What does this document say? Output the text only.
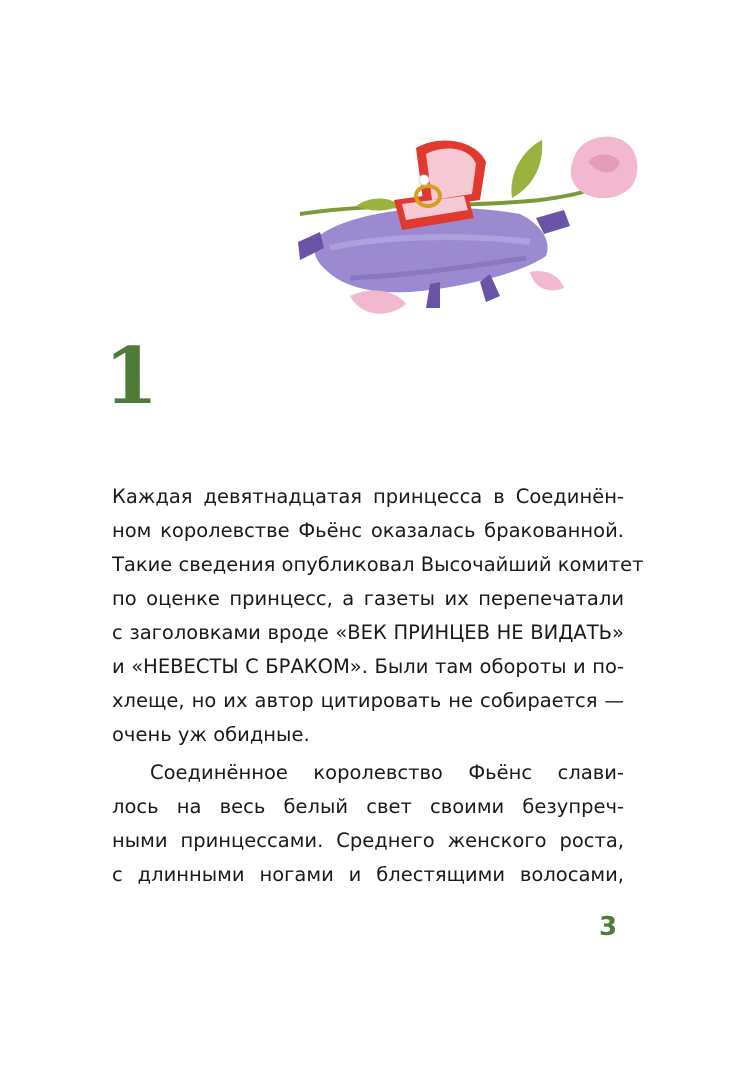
1
Каждая девятнадцатая принцесса в Соединён-
ном королевстве Фьёнс оказалась бракованной.
Такие сведения опубликовал Высочайший комитет
по оценке принцесс, а газеты их перепечатали
с заголовками вроде «ВЕК ПРИНЦЕВ НЕ ВИДАТЬ»
и «НЕВЕСТЫ С БРАКОМ». Были там обороты и по-
хлеще, но их автор цитировать не собирается —
очень уж обидные.
Соединённое королевство Фьёнс слави-
лось на весь белый свет своими безупреч-
ными принцессами. Среднего женского роста,
с длинными ногами и блестящими волосами,
3
